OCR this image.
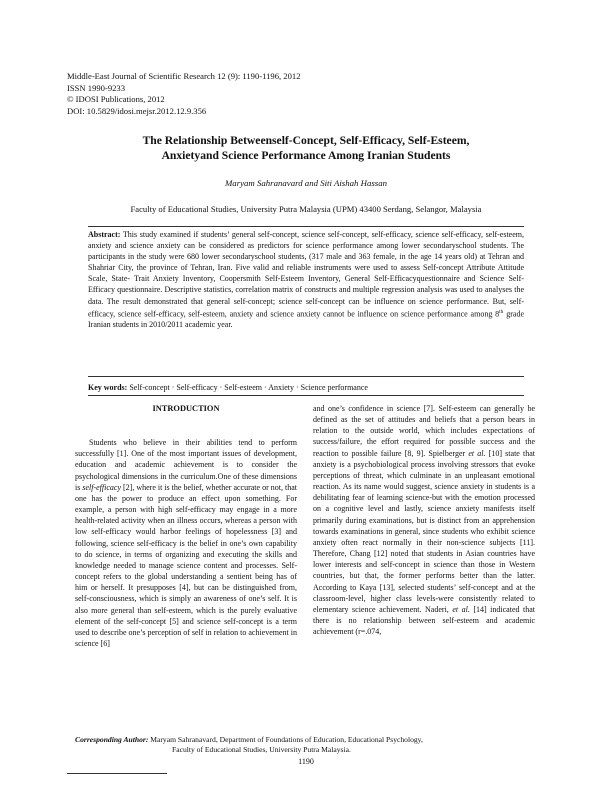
Middle-East Journal of Scientific Research 12 (9): 1190-1196, 2012
ISSN 1990-9233
© IDOSI Publications, 2012
DOI: 10.5829/idosi.mejsr.2012.12.9.356
The Relationship Betweenself-Concept, Self-Efficacy, Self-Esteem,
Anxietyand Science Performance Among Iranian Students
Maryam Sahranavard and Siti Aishah Hassan
Faculty of Educational Studies, University Putra Malaysia (UPM) 43400 Serdang, Selangor, Malaysia
Abstract: This study examined if students’ general self-concept, science self-concept, self-efficacy, science self-efficacy, self-esteem, anxiety and science anxiety can be considered as predictors for science performance among lower secondaryschool students. The participants in the study were 680 lower secondaryschool students, (317 male and 363 female, in the age 14 years old) at Tehran and Shahriar City, the province of Tehran, Iran. Five valid and reliable instruments were used to assess Self-concept Attribute Attitude Scale, State- Trait Anxiety Inventory, Coopersmith Self-Esteem Inventory, General Self-Efficacyquestionnaire and Science Self-Efficacy questionnaire. Descriptive statistics, correlation matrix of constructs and multiple regression analysis was used to analyses the data. The result demonstrated that general self-concept; science self-concept can be influence on science performance. But, self-efficacy, science self-efficacy, self-esteem, anxiety and science anxiety cannot be influence on science performance among 8th grade Iranian students in 2010/2011 academic year.
Key words: Self-concept · Self-efficacy · Self-esteem · Anxiety · Science performance

INTRODUCTION

Students who believe in their abilities tend to perform successfully [1]. One of the most important issues of development, education and academic achievement is to consider the psychological dimensions in the curriculum.One of these dimensions is self-efficacy [2], where it is the belief, whether accurate or not, that one has the power to produce an effect upon something. For example, a person with high self-efficacy may engage in a more health-related activity when an illness occurs, whereas a person with low self-efficacy would harbor feelings of hopelessness [3] and following, science self-efficacy is the belief in one’s own capability to do science, in terms of organizing and executing the skills and knowledge needed to manage science content and processes. Self-concept refers to the global understanding a sentient being has of him or herself. It presupposes [4], but can be distinguished from, self-consciousness, which is simply an awareness of one’s self. It is also more general than self-esteem, which is the purely evaluative element of the self-concept [5] and science self-concept is a term used to describe one’s perception of self in relation to achievement in science [6]

and one’s confidence in science [7]. Self-esteem can generally be defined as the set of attitudes and beliefs that a person bears in relation to the outside world, which includes expectations of success/failure, the effort required for possible success and the reaction to possible failure [8, 9]. Spielberger et al. [10] state that anxiety is a psychobiological process involving stressors that evoke perceptions of threat, which culminate in an unpleasant emotional reaction. As its name would suggest, science anxiety in students is a debilitating fear of learning science-but with the emotion processed on a cognitive level and lastly, science anxiety manifests itself primarily during examinations, but is distinct from an apprehension towards examinations in general, since students who exhibit science anxiety often react normally in their non-science subjects [11]. Therefore, Chang [12] noted that students in Asian countries have lower interests and self-concept in science than those in Western countries, but that, the former performs better than the latter. According to Kaya [13], selected students’ self-concept and at the classroom-level, higher class levels-were consistently related to elementary science achievement. Naderi, et al. [14] indicated that there is no relationship between self-esteem and academic achievement (r=.074,

Corresponding Author: Maryam Sahranavard, Department of Foundations of Education, Educational Psychology,
Faculty of Educational Studies, University Putra Malaysia.
1190
